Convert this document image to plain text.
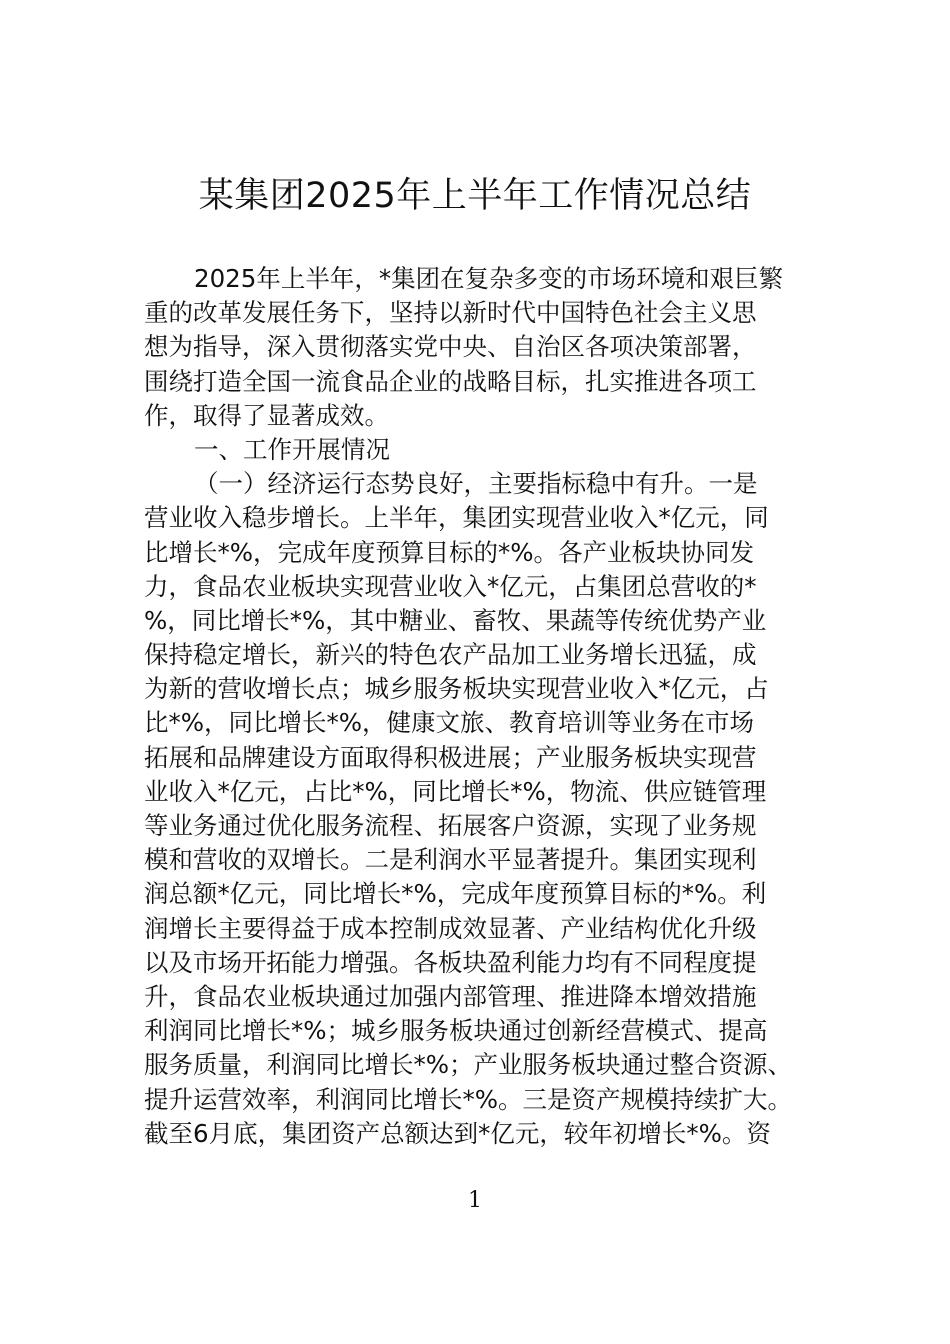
某集团2025年上半年工作情况总结
2025年上半年，*集团在复杂多变的市场环境和艰巨繁
重的改革发展任务下，坚持以新时代中国特色社会主义思
想为指导，深入贯彻落实党中央、自治区各项决策部署，
围绕打造全国一流食品企业的战略目标，扎实推进各项工
作，取得了显著成效。
一、工作开展情况
（一）经济运行态势良好，主要指标稳中有升。一是
营业收入稳步增长。上半年，集团实现营业收入*亿元，同
比增长*%，完成年度预算目标的*%。各产业板块协同发
力，食品农业板块实现营业收入*亿元，占集团总营收的*
%，同比增长*%，其中糖业、畜牧、果蔬等传统优势产业
保持稳定增长，新兴的特色农产品加工业务增长迅猛，成
为新的营收增长点；城乡服务板块实现营业收入*亿元，占
比*%，同比增长*%，健康文旅、教育培训等业务在市场
拓展和品牌建设方面取得积极进展；产业服务板块实现营
业收入*亿元，占比*%，同比增长*%，物流、供应链管理
等业务通过优化服务流程、拓展客户资源，实现了业务规
模和营收的双增长。二是利润水平显著提升。集团实现利
润总额*亿元，同比增长*%，完成年度预算目标的*%。利
润增长主要得益于成本控制成效显著、产业结构优化升级
以及市场开拓能力增强。各板块盈利能力均有不同程度提
升，食品农业板块通过加强内部管理、推进降本增效措施
利润同比增长*%；城乡服务板块通过创新经营模式、提高
服务质量，利润同比增长*%；产业服务板块通过整合资源、
提升运营效率，利润同比增长*%。三是资产规模持续扩大。
截至6月底，集团资产总额达到*亿元，较年初增长*%。资
1
